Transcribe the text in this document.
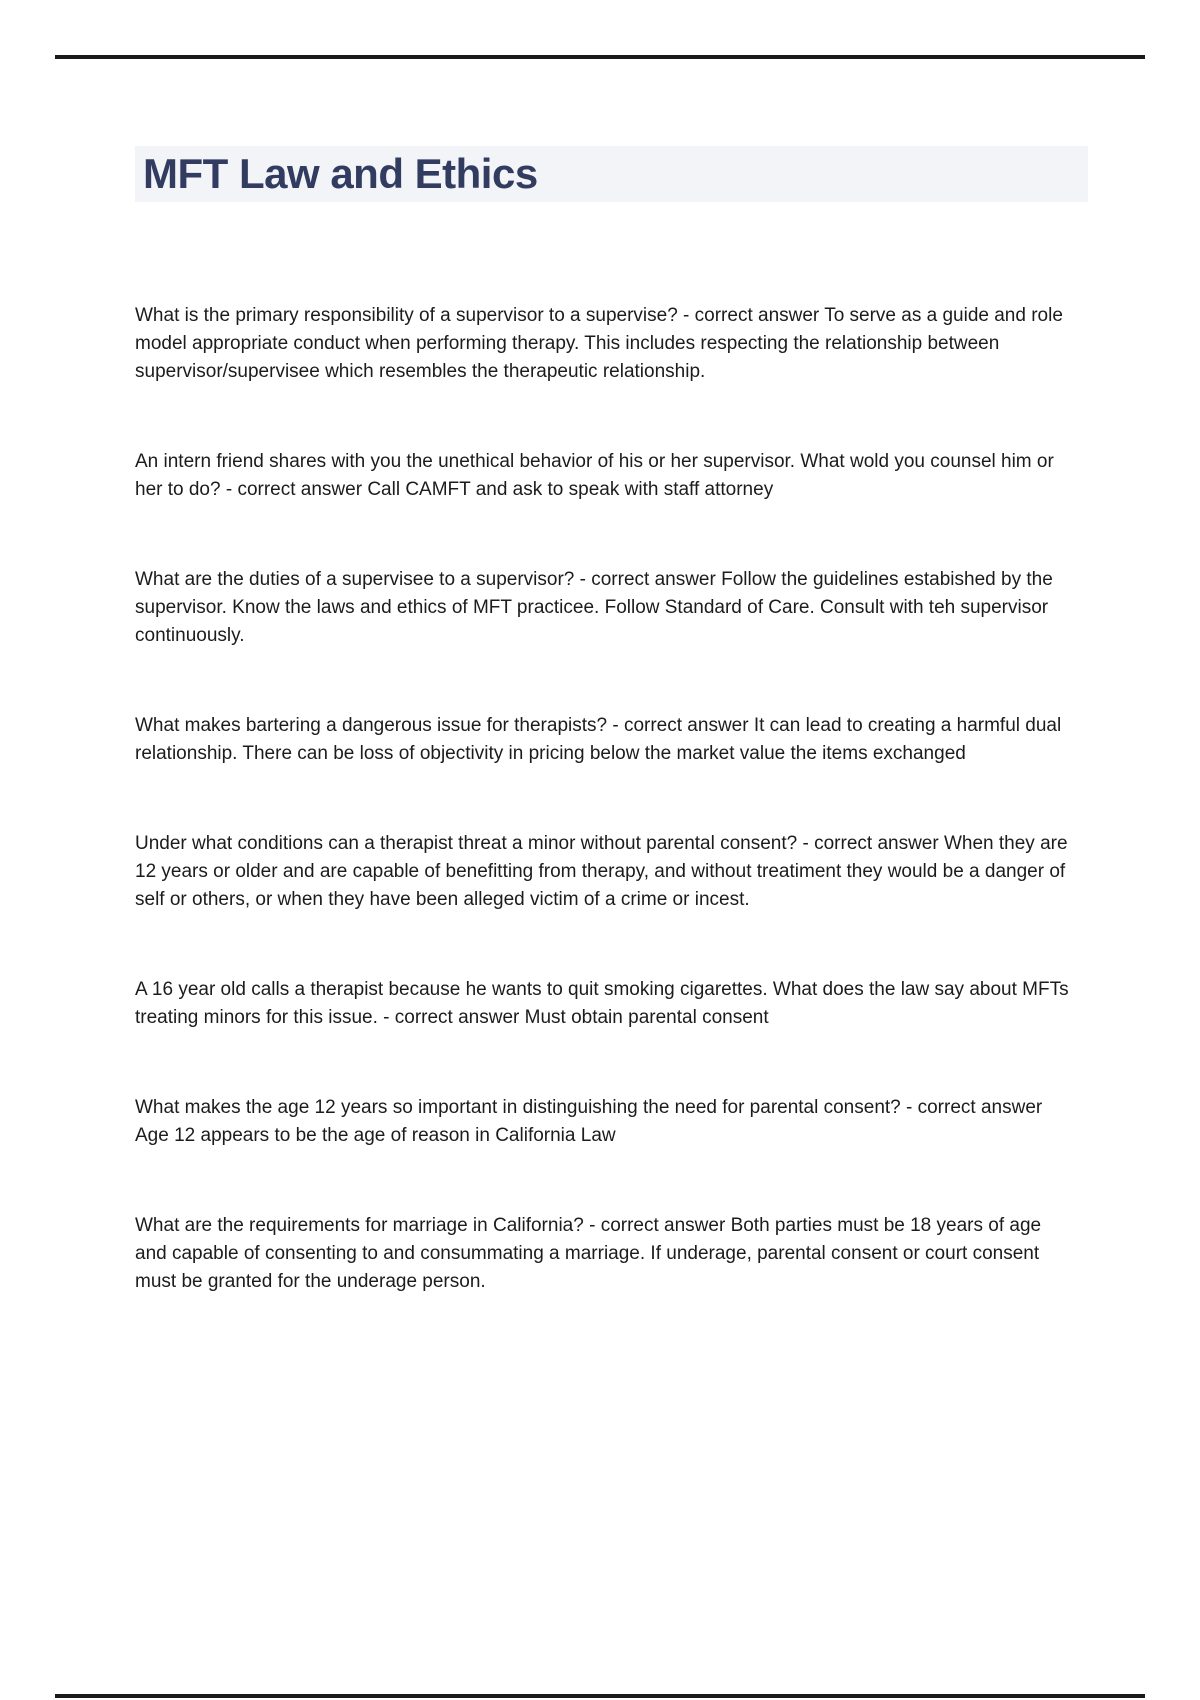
MFT Law and Ethics

What is the primary responsibility of a supervisor to a supervise? - correct answer To serve as a guide and role model appropriate conduct when performing therapy. This includes respecting the relationship between supervisor/supervisee which resembles the therapeutic relationship.

An intern friend shares with you the unethical behavior of his or her supervisor. What wold you counsel him or her to do? - correct answer Call CAMFT and ask to speak with staff attorney

What are the duties of a supervisee to a supervisor? - correct answer Follow the guidelines estabished by the supervisor. Know the laws and ethics of MFT practicee. Follow Standard of Care. Consult with teh supervisor continuously.

What makes bartering a dangerous issue for therapists? - correct answer It can lead to creating a harmful dual relationship. There can be loss of objectivity in pricing below the market value the items exchanged

Under what conditions can a therapist threat a minor without parental consent? - correct answer When they are 12 years or older and are capable of benefitting from therapy, and without treatiment they would be a danger of self or others, or when they have been alleged victim of a crime or incest.

A 16 year old calls a therapist because he wants to quit smoking cigarettes. What does the law say about MFTs treating minors for this issue. - correct answer Must obtain parental consent

What makes the age 12 years so important in distinguishing the need for parental consent? - correct answer Age 12 appears to be the age of reason in California Law

What are the requirements for marriage in California? - correct answer Both parties must be 18 years of age and capable of consenting to and consummating a marriage. If underage, parental consent or court consent must be granted for the underage person.
